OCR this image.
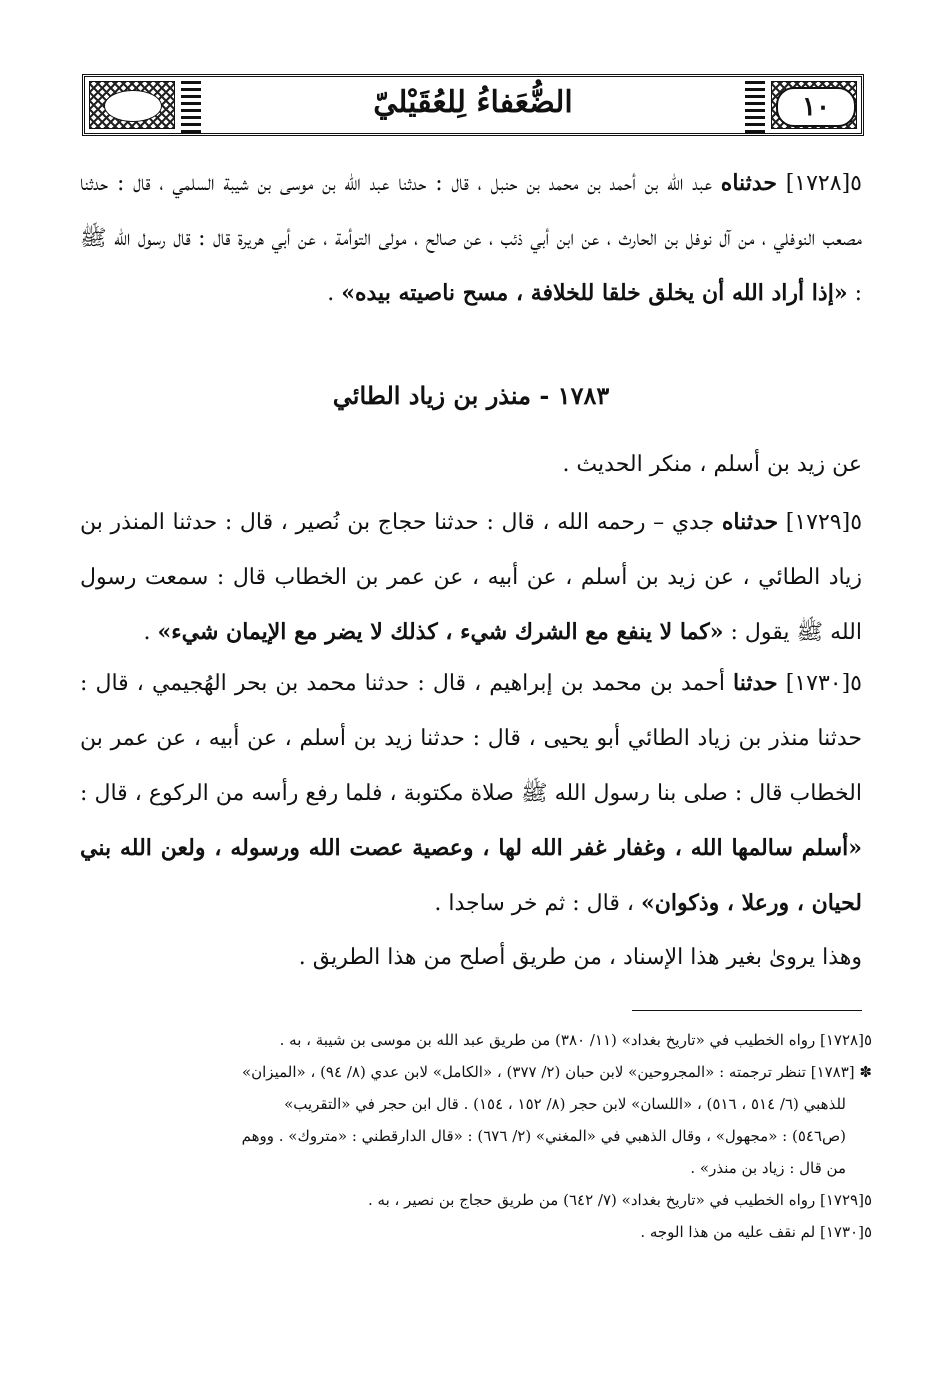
الضُّعَفاءُ لِلعُقَيْليّ	١٠
٥[١٧٢٨] حدثناه عبد الله بن أحمد بن محمد بن حنبل ، قال : حدثنا عبد الله بن موسى بن شيبة السلمي ، قال : حدثنا مصعب النوفلي ، من آل نوفل بن الحارث ، عن ابن أبي ذئب ، عن صالح ، مولى التوأمة ، عن أبي هريرة قال : قال رسول الله ﷺ : «إذا أراد الله أن يخلق خلقا للخلافة ، مسح ناصيته بيده» .
١٧٨٣ - منذر بن زياد الطائي
عن زيد بن أسلم ، منكر الحديث .
٥[١٧٢٩] حدثناه جدي – رحمه الله ، قال : حدثنا حجاج بن نُصير ، قال : حدثنا المنذر بن زياد الطائي ، عن زيد بن أسلم ، عن أبيه ، عن عمر بن الخطاب قال : سمعت رسول الله ﷺ يقول : «كما لا ينفع مع الشرك شيء ، كذلك لا يضر مع الإيمان شيء» .
٥[١٧٣٠] حدثنا أحمد بن محمد بن إبراهيم ، قال : حدثنا محمد بن بحر الهُجيمي ، قال : حدثنا منذر بن زياد الطائي أبو يحيى ، قال : حدثنا زيد بن أسلم ، عن أبيه ، عن عمر بن الخطاب قال : صلى بنا رسول الله ﷺ صلاة مكتوبة ، فلما رفع رأسه من الركوع ، قال : «أسلم سالمها الله ، وغفار غفر الله لها ، وعصية عصت الله ورسوله ، ولعن الله بني لحيان ، ورعلا ، وذكوان» ، قال : ثم خر ساجدا .
وهذا يروىٰ بغير هذا الإسناد ، من طريق أصلح من هذا الطريق .

٥[١٧٢٨] رواه الخطيب في «تاريخ بغداد» (١١/ ٣٨٠) من طريق عبد الله بن موسى بن شيبة ، به .

✽ [١٧٨٣] تنظر ترجمته : «المجروحين» لابن حبان (٢/ ٣٧٧) ، «الكامل» لابن عدي (٨/ ٩٤) ، «الميزان»

للذهبي (٦/ ٥١٤ ، ٥١٦) ، «اللسان» لابن حجر (٨/ ١٥٢ ، ١٥٤) . قال ابن حجر في «التقريب»

(ص٥٤٦) : «مجهول» ، وقال الذهبي في «المغني» (٢/ ٦٧٦) : «قال الدارقطني : «متروك» . ووهم

من قال : زياد بن منذر» .

٥[١٧٢٩] رواه الخطيب في «تاريخ بغداد» (٧/ ٦٤٢) من طريق حجاج بن نصير ، به .

٥[١٧٣٠] لم نقف عليه من هذا الوجه .
